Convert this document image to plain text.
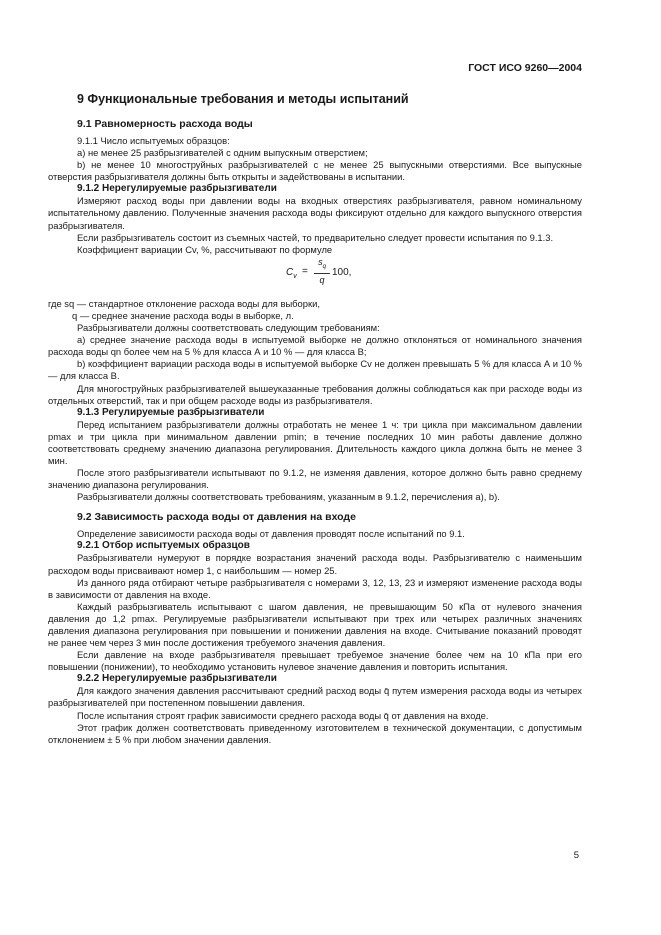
ГОСТ ИСО 9260—2004
9 Функциональные требования и методы испытаний
9.1 Равномерность расхода воды

9.1.1 Число испытуемых образцов:

а) не менее 25 разбрызгивателей с одним выпускным отверстием;

b) не менее 10 многоструйных разбрызгивателей с не менее 25 выпускными отверстиями. Все выпускные отверстия разбрызгивателя должны быть открыты и задействованы в испытании.

9.1.2 Нерегулируемые разбрызгиватели

Измеряют расход воды при давлении воды на входных отверстиях разбрызгивателя, равном номинальному испытательному давлению. Полученные значения расхода воды фиксируют отдельно для каждого выпускного отверстия разбрызгивателя.

Если разбрызгиватель состоит из съемных частей, то предварительно следует провести испытания по 9.1.3.

Коэффициент вариации Cv, %, рассчитывают по формуле

$C_v = \frac{s_q}{q} 100$,

где sq — стандартное отклонение расхода воды для выборки,

q — среднее значение расхода воды в выборке, л.

Разбрызгиватели должны соответствовать следующим требованиям:

а) среднее значение расхода воды в испытуемой выборке не должно отклоняться от номинального значения расхода воды qn более чем на 5 % для класса А и 10 % — для класса В;

b) коэффициент вариации расхода воды в испытуемой выборке Cv не должен превышать 5 % для класса А и 10 % — для класса В.

Для многоструйных разбрызгивателей вышеуказанные требования должны соблюдаться как при расходе воды из отдельных отверстий, так и при общем расходе воды из разбрызгивателя.

9.1.3 Регулируемые разбрызгиватели

Перед испытанием разбрызгиватели должны отработать не менее 1 ч: три цикла при максимальном давлении pmax и три цикла при минимальном давлении pmin; в течение последних 10 мин работы давление должно соответствовать среднему значению диапазона регулирования. Длительность каждого цикла должна быть не менее 3 мин.

После этого разбрызгиватели испытывают по 9.1.2, не изменяя давления, которое должно быть равно среднему значению диапазона регулирования.

Разбрызгиватели должны соответствовать требованиям, указанным в 9.1.2, перечисления а), b).

9.2 Зависимость расхода воды от давления на входе

Определение зависимости расхода воды от давления проводят после испытаний по 9.1.

9.2.1 Отбор испытуемых образцов

Разбрызгиватели нумеруют в порядке возрастания значений расхода воды. Разбрызгивателю с наименьшим расходом воды присваивают номер 1, с наибольшим — номер 25.

Из данного ряда отбирают четыре разбрызгивателя с номерами 3, 12, 13, 23 и измеряют изменение расхода воды в зависимости от давления на входе.

Каждый разбрызгиватель испытывают с шагом давления, не превышающим 50 кПа от нулевого значения давления до 1,2 pmax. Регулируемые разбрызгиватели испытывают при трех или четырех различных значениях давления диапазона регулирования при повышении и понижении давления на входе. Считывание показаний проводят не ранее чем через 3 мин после достижения требуемого значения давления.

Если давление на входе разбрызгивателя превышает требуемое значение более чем на 10 кПа при его повышении (понижении), то необходимо установить нулевое значение давления и повторить испытания.

9.2.2 Нерегулируемые разбрызгиватели

Для каждого значения давления рассчитывают средний расход воды q̄ путем измерения расхода воды из четырех разбрызгивателей при постепенном повышении давления.

После испытания строят график зависимости среднего расхода воды q̄ от давления на входе.

Этот график должен соответствовать приведенному изготовителем в технической документации, с допустимым отклонением ± 5 % при любом значении давления.

5
